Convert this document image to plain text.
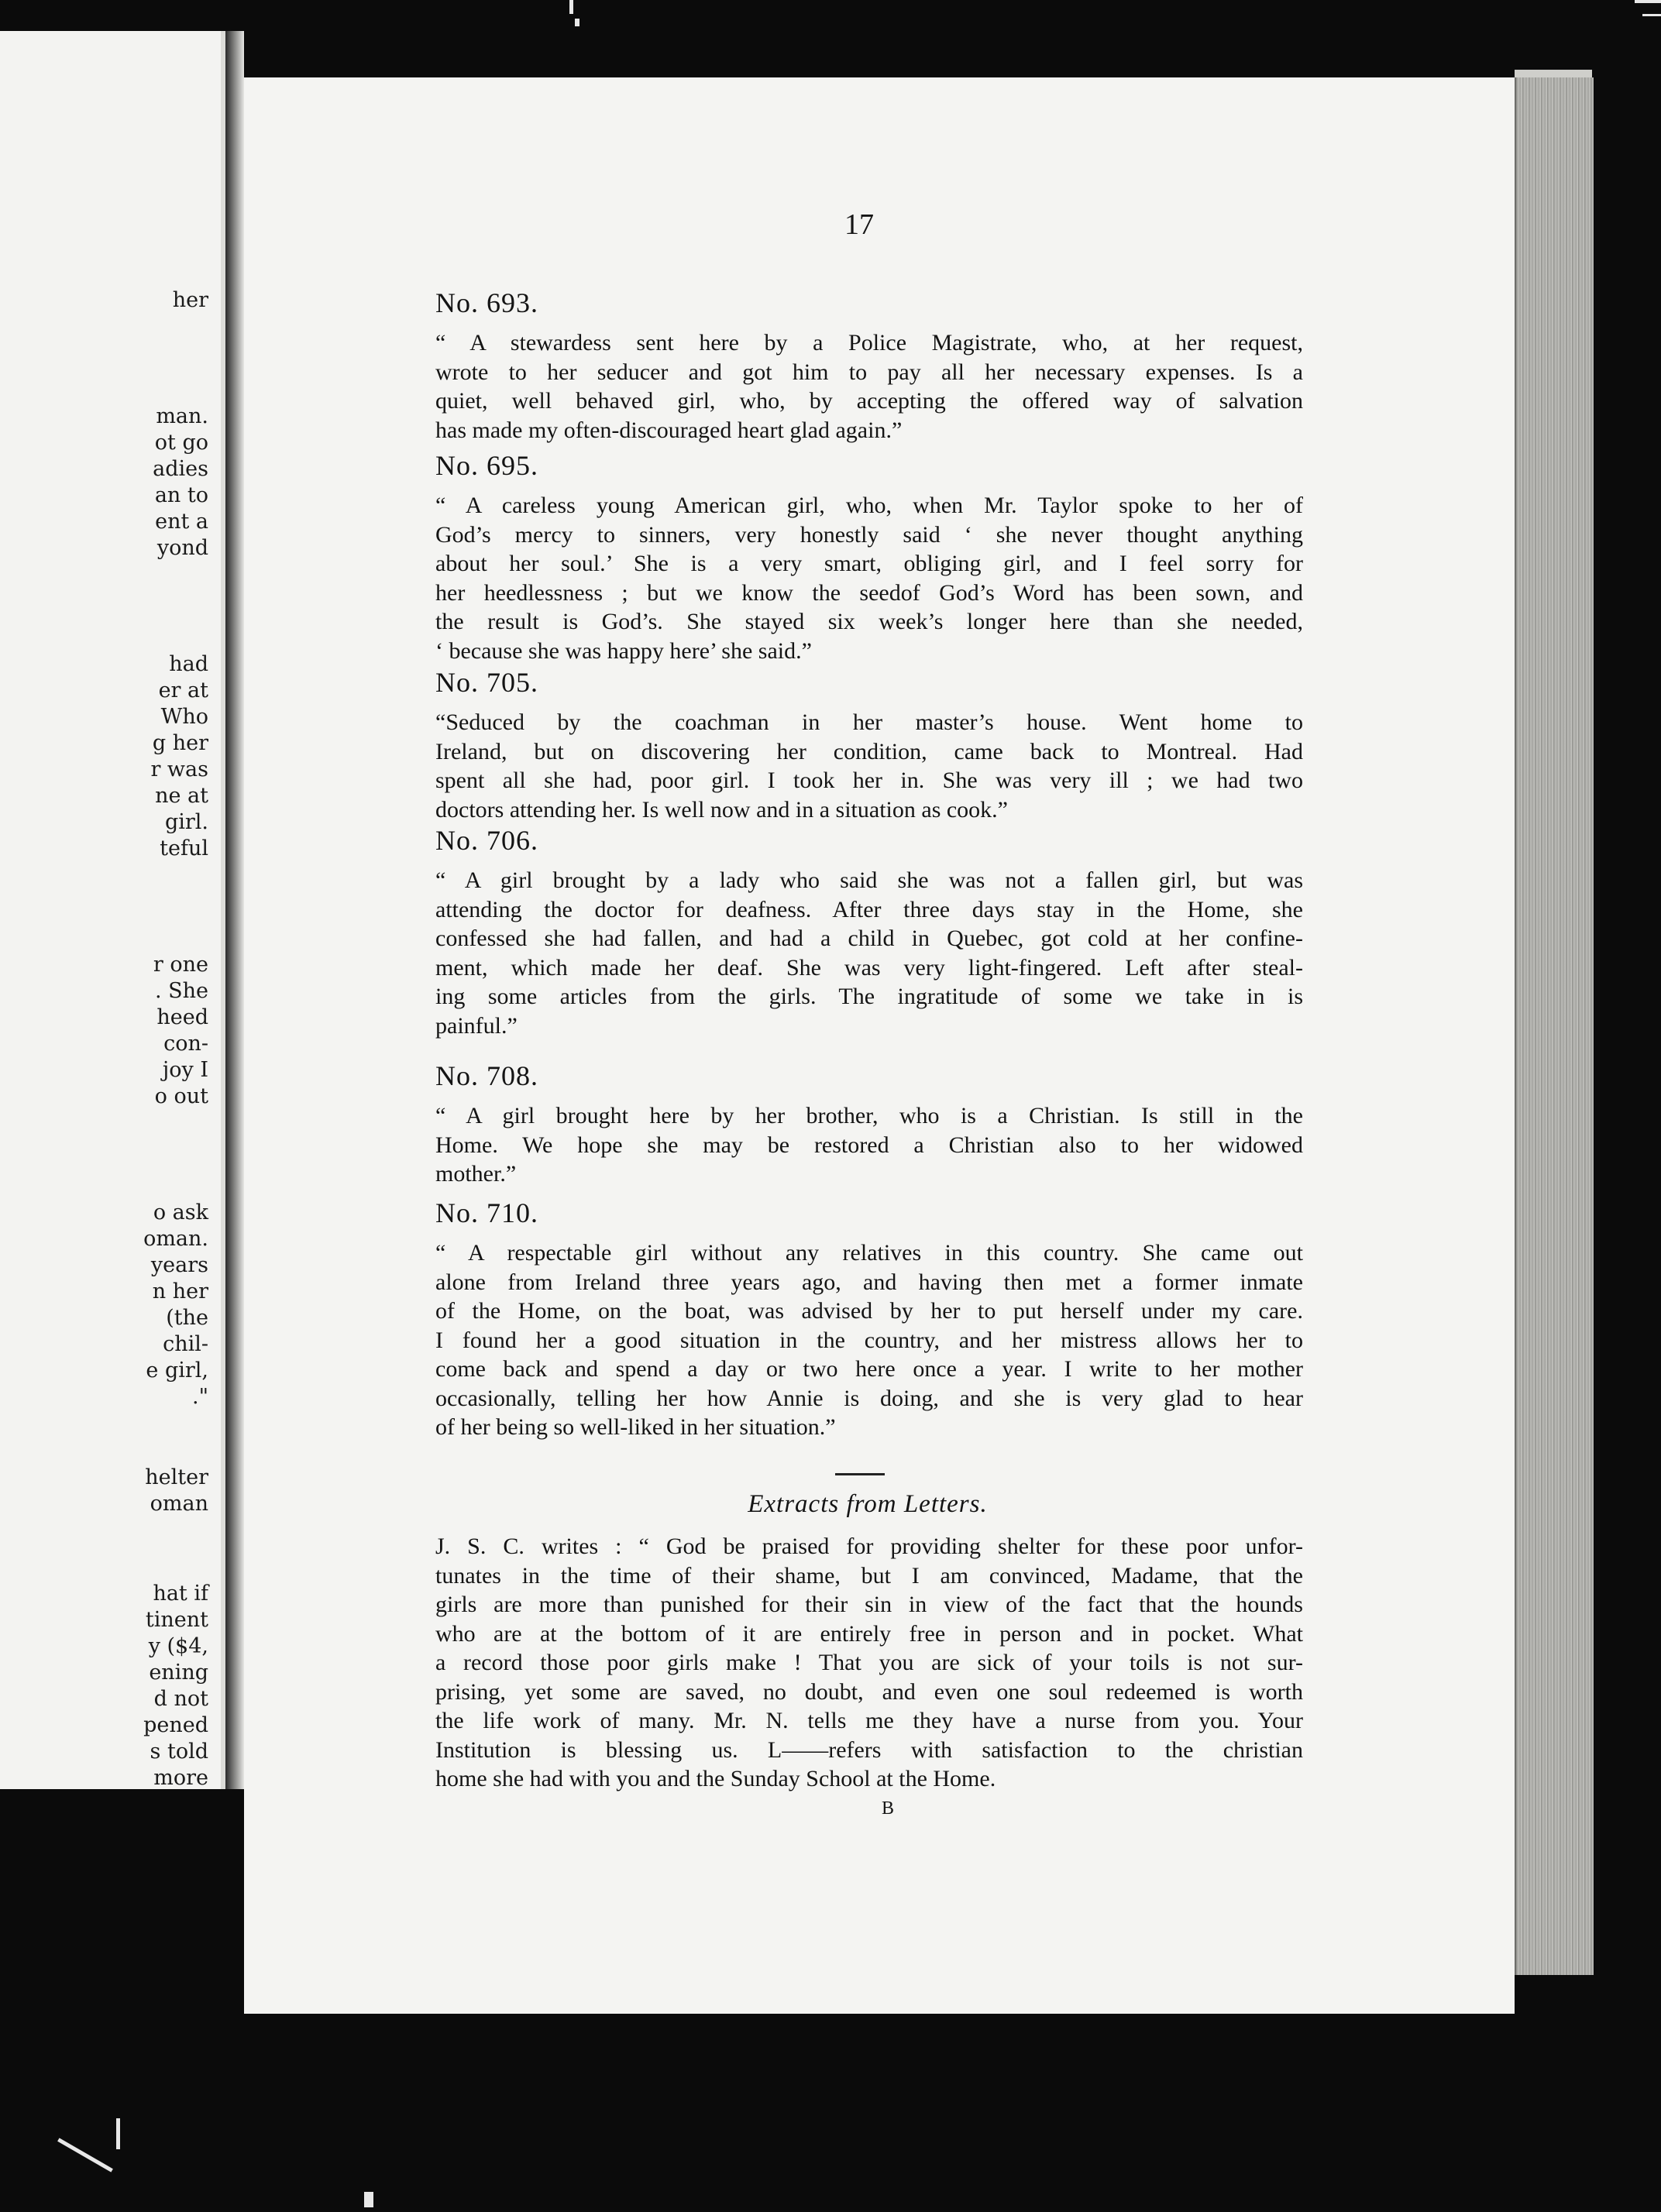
her
man.
ot go
adies
an to
ent a
yond
had
er at
Who
g her
r was
ne at
girl.
teful
r one
. She
heed
con-
joy I
o out
o ask
oman.
years
n her
(the
chil-
e girl,
."
helter
oman
hat if
tinent
y ($4,
ening
d not
pened
s told
more
17
No. 693.
“ A stewardess sent here by a Police Magistrate, who, at her request,
wrote to her seducer and got him to pay all her necessary expenses. Is a
quiet, well behaved girl, who, by accepting the offered way of salvation
has made my often-discouraged heart glad again.”
No. 695.
“ A careless young American girl, who, when Mr. Taylor spoke to her of
God’s mercy to sinners, very honestly said ‘ she never thought anything
about her soul.’ She is a very smart, obliging girl, and I feel sorry for
her heedlessness ; but we know the seedof God’s Word has been sown, and
the result is God’s. She stayed six week’s longer here than she needed,
‘ because she was happy here’ she said.”
No. 705.
“Seduced by the coachman in her master’s house. Went home to
Ireland, but on discovering her condition, came back to Montreal. Had
spent all she had, poor girl. I took her in. She was very ill ; we had two
doctors attending her. Is well now and in a situation as cook.”
No. 706.
“ A girl brought by a lady who said she was not a fallen girl, but was
attending the doctor for deafness. After three days stay in the Home, she
confessed she had fallen, and had a child in Quebec, got cold at her confine-
ment, which made her deaf. She was very light-fingered. Left after steal-
ing some articles from the girls. The ingratitude of some we take in is
painful.”
No. 708.
“ A girl brought here by her brother, who is a Christian. Is still in the
Home. We hope she may be restored a Christian also to her widowed
mother.”
No. 710.
“ A respectable girl without any relatives in this country. She came out
alone from Ireland three years ago, and having then met a former inmate
of the Home, on the boat, was advised by her to put herself under my care.
I found her a good situation in the country, and her mistress allows her to
come back and spend a day or two here once a year. I write to her mother
occasionally, telling her how Annie is doing, and she is very glad to hear
of her being so well-liked in her situation.”
Extracts from Letters.
J. S. C. writes : “ God be praised for providing shelter for these poor unfor-
tunates in the time of their shame, but I am convinced, Madame, that the
girls are more than punished for their sin in view of the fact that the hounds
who are at the bottom of it are entirely free in person and in pocket. What
a record those poor girls make ! That you are sick of your toils is not sur-
prising, yet some are saved, no doubt, and even one soul redeemed is worth
the life work of many. Mr. N. tells me they have a nurse from you. Your
Institution is blessing us. L——refers with satisfaction to the christian
home she had with you and the Sunday School at the Home.
B
